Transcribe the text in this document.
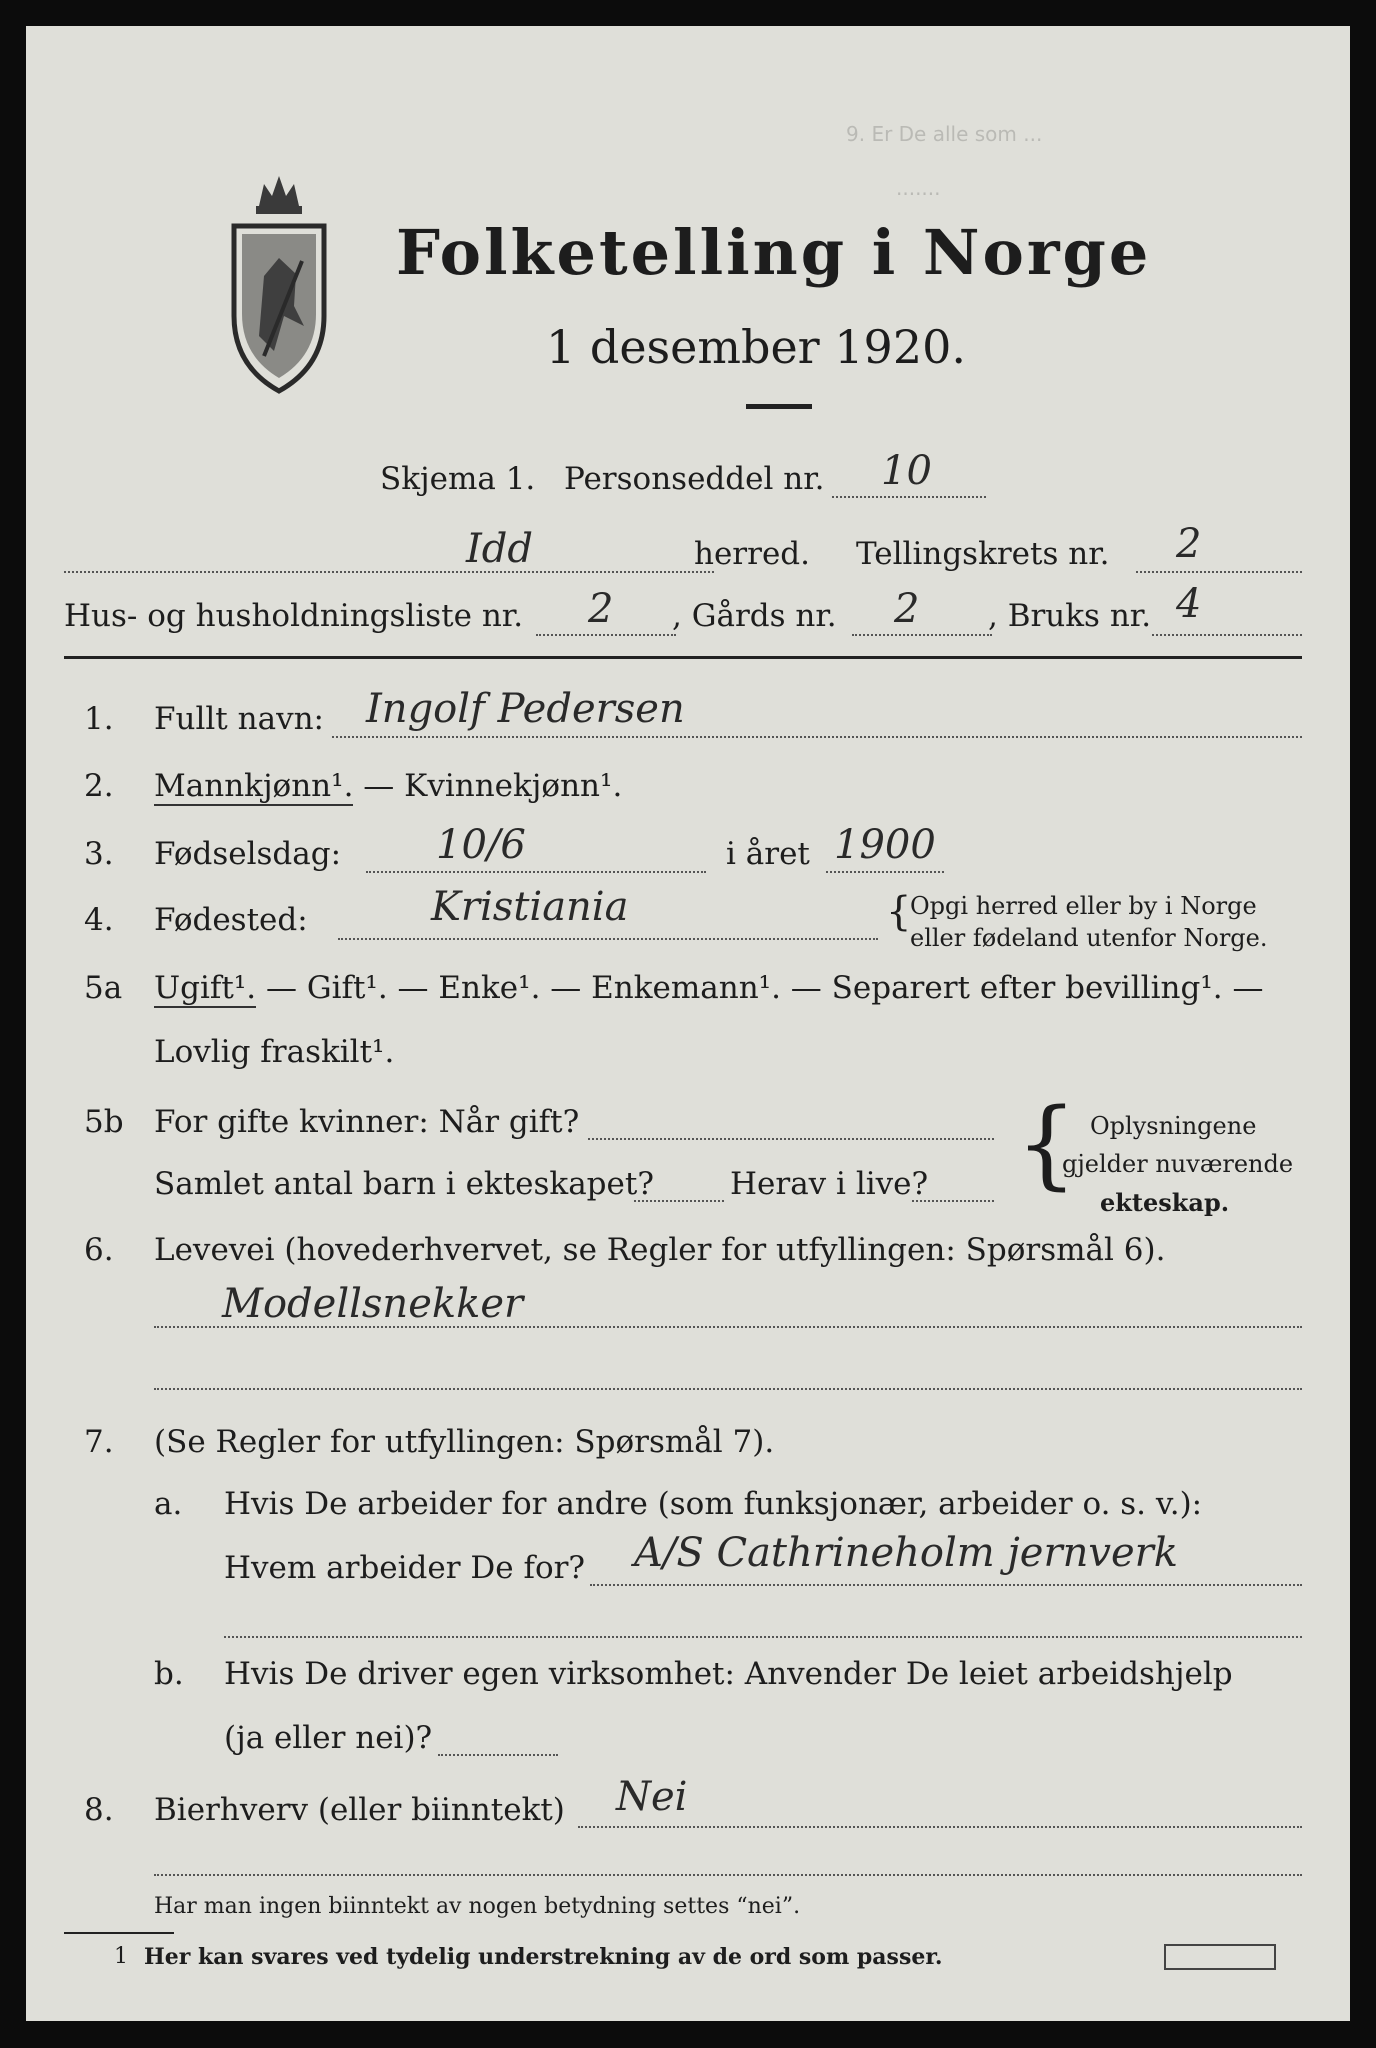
9. Er De alle som ...
.......
Folketelling i Norge
1 desember 1920.
Skjema 1. Personseddel nr. 10
Idd	herred. Tellingskrets nr. 2
Hus- og husholdningsliste nr. 2 , Gårds nr. 2 , Bruks nr. 4
1. Fullt navn: Ingolf Pedersen
2. Mannkjønn¹. — Kvinnekjønn¹.
3. Fødselsdag: 10/6	i året 1900
4. Fødested:	Kristiania	{
Opgi herred eller by i Norge
eller fødeland utenfor Norge.
5a Ugift¹. — Gift¹. — Enke¹. — Enkemann¹. — Separert efter bevilling¹. —
Lovlig fraskilt¹.
5b For gifte kvinner: Når gift?
Samlet antal barn i ekteskapet? Herav i live? { Oplysningene
gjelder nuværende
ekteskap.
6. Levevei (hovederhvervet, se Regler for utfyllingen: Spørsmål 6).
Modellsnekker
7. (Se Regler for utfyllingen: Spørsmål 7).
a. Hvis De arbeider for andre (som funksjonær, arbeider o. s. v.):
Hvem arbeider De for? A/S Cathrineholm jernverk
b. Hvis De driver egen virksomhet: Anvender De leiet arbeidshjelp
(ja eller nei)?
8. Bierhverv (eller biinntekt) Nei
Har man ingen biinntekt av nogen betydning settes “nei”.
1 Her kan svares ved tydelig understrekning av de ord som passer.
